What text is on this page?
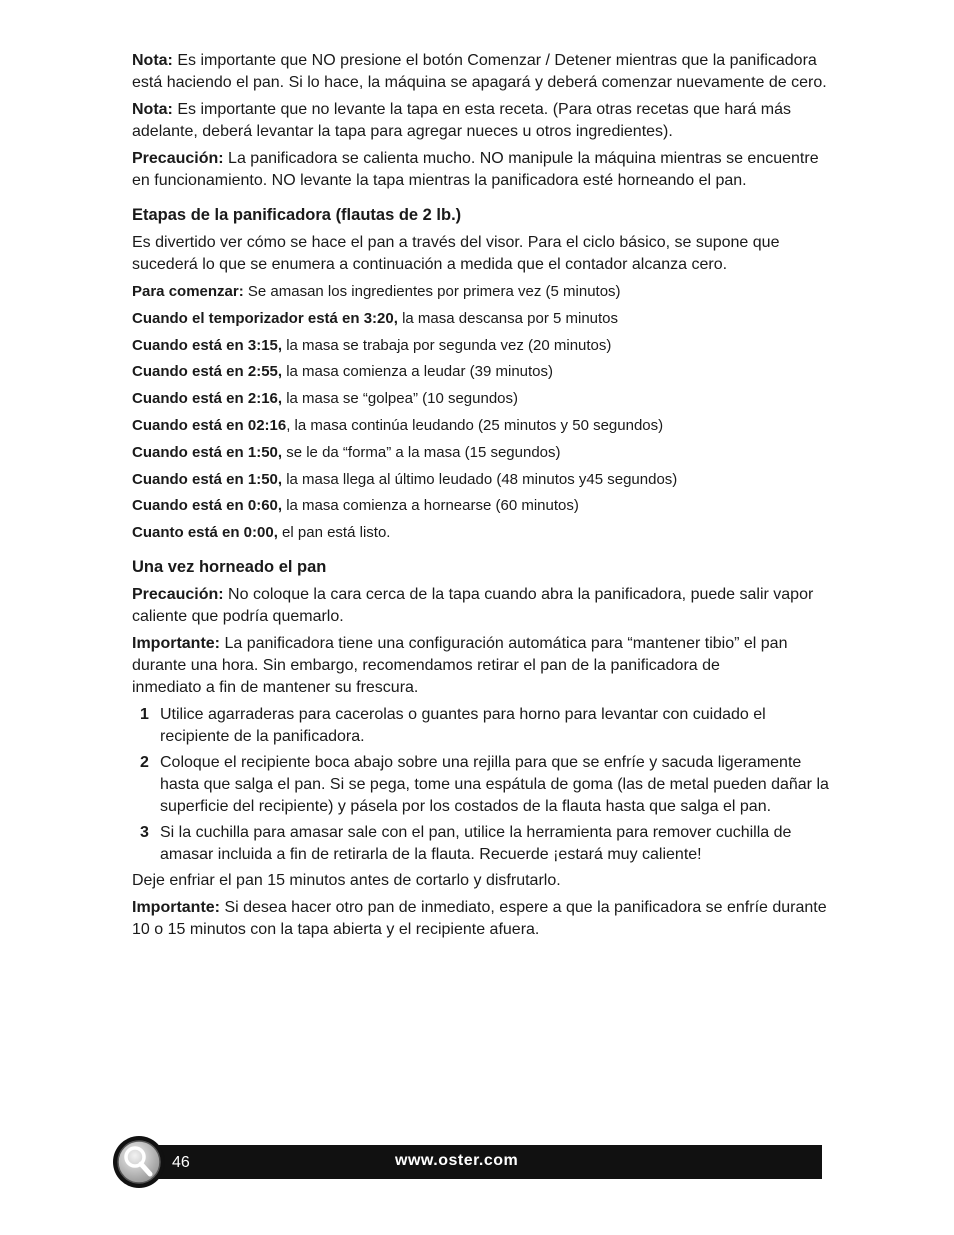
Nota: Es importante que NO presione el botón Comenzar / Detener mientras que la panificadora está haciendo el pan. Si lo hace, la máquina se apagará y deberá comenzar nuevamente de cero.

Nota: Es importante que no levante la tapa en esta receta. (Para otras recetas que hará más adelante, deberá levantar la tapa para agregar nueces u otros ingredientes).

Precaución: La panificadora se calienta mucho. NO manipule la máquina mientras se encuentre en funcionamiento. NO levante la tapa mientras la panificadora esté horneando el pan.

Etapas de la panificadora (flautas de 2 lb.)

Es divertido ver cómo se hace el pan a través del visor. Para el ciclo básico, se supone que sucederá lo que se enumera a continuación a medida que el contador alcanza cero.

Para comenzar: Se amasan los ingredientes por primera vez (5 minutos)

Cuando el temporizador está en 3:20, la masa descansa por 5 minutos

Cuando está en 3:15, la masa se trabaja por segunda vez (20 minutos)

Cuando está en 2:55, la masa comienza a leudar (39 minutos)

Cuando está en 2:16, la masa se “golpea” (10 segundos)

Cuando está en 02:16, la masa continúa leudando (25 minutos y 50 segundos)

Cuando está en 1:50, se le da “forma” a la masa (15 segundos)

Cuando está en 1:50, la masa llega al último leudado (48 minutos y45 segundos)

Cuando está en 0:60, la masa comienza a hornearse (60 minutos)

Cuanto está en 0:00, el pan está listo.

Una vez horneado el pan

Precaución: No coloque la cara cerca de la tapa cuando abra la panificadora, puede salir vapor caliente que podría quemarlo.

Importante: La panificadora tiene una configuración automática para “mantener tibio” el pan durante una hora. Sin embargo, recomendamos retirar el pan de la panificadora de inmediato a fin de mantener su frescura.

1 Utilice agarraderas para cacerolas o guantes para horno para levantar con cuidado el recipiente de la panificadora.
2 Coloque el recipiente boca abajo sobre una rejilla para que se enfríe y sacuda ligeramente hasta que salga el pan. Si se pega, tome una espátula de goma (las de metal pueden dañar la superficie del recipiente) y pásela por los costados de la flauta hasta que salga el pan.
3 Si la cuchilla para amasar sale con el pan, utilice la herramienta para remover cuchilla de amasar incluida a fin de retirarla de la flauta. Recuerde ¡estará muy caliente!

Deje enfriar el pan 15 minutos antes de cortarlo y disfrutarlo.

Importante: Si desea hacer otro pan de inmediato, espere a que la panificadora se enfríe durante 10 o 15 minutos con la tapa abierta y el recipiente afuera.

46	www.oster.com
